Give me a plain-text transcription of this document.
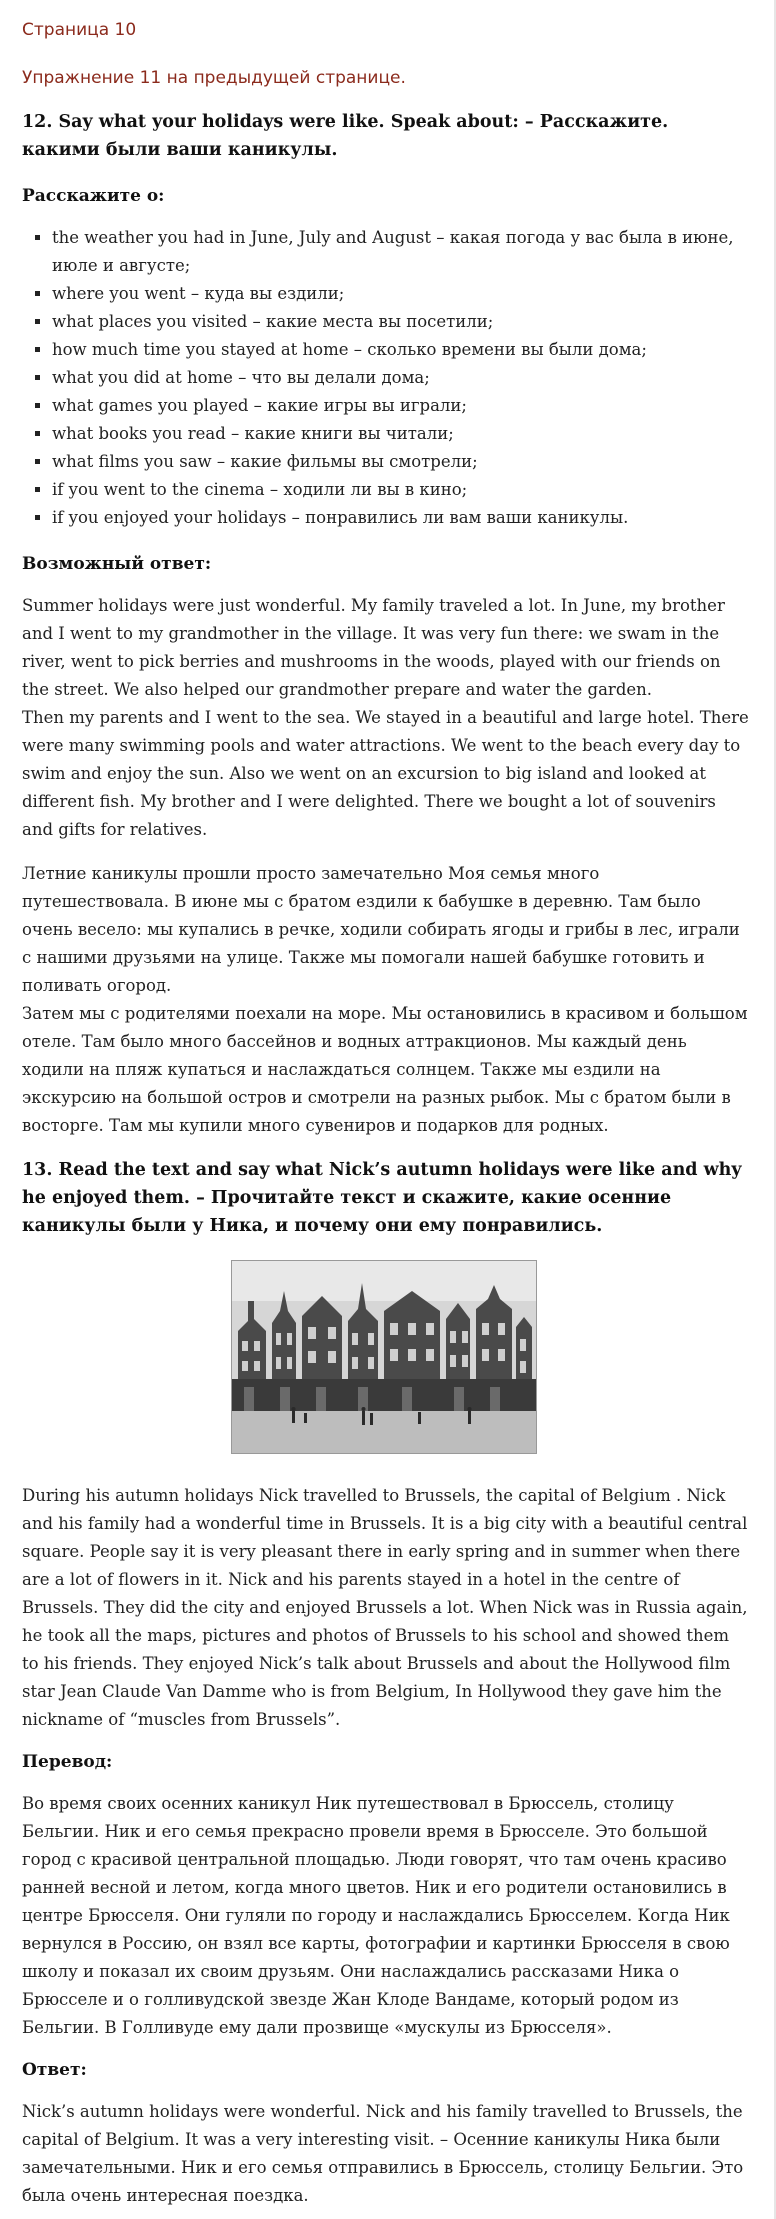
Страница 10
Упражнение 11 на предыдущей странице.
12. Say what your holidays were like. Speak about: – Расскажите. какими были ваши каникулы.
Расскажите о:
▪ the weather you had in June, July and August – какая погода у вас была в июне, июле и августе;
▪ where you went – куда вы ездили;
▪ what places you visited – какие места вы посетили;
▪ how much time you stayed at home – сколько времени вы были дома;
▪ what you did at home – что вы делали дома;
▪ what games you played – какие игры вы играли;
▪ what books you read – какие книги вы читали;
▪ what films you saw – какие фильмы вы смотрели;
▪ if you went to the cinema – ходили ли вы в кино;
▪ if you enjoyed your holidays – понравились ли вам ваши каникулы.
Возможный ответ:

Summer holidays were just wonderful. My family traveled a lot. In June, my brother and I went to my grandmother in the village. It was very fun there: we swam in the river, went to pick berries and mushrooms in the woods, played with our friends on the street. We also helped our grandmother prepare and water the garden.

Then my parents and I went to the sea. We stayed in a beautiful and large hotel. There were many swimming pools and water attractions. We went to the beach every day to swim and enjoy the sun. Also we went on an excursion to big island and looked at different fish. My brother and I were delighted. There we bought a lot of souvenirs and gifts for relatives.

Летние каникулы прошли просто замечательно Моя семья много путешествовала. В июне мы с братом ездили к бабушке в деревню. Там было очень весело: мы купались в речке, ходили собирать ягоды и грибы в лес, играли с нашими друзьями на улице. Также мы помогали нашей бабушке готовить и поливать огород.

Затем мы с родителями поехали на море. Мы остановились в красивом и большом отеле. Там было много бассейнов и водных аттракционов. Мы каждый день ходили на пляж купаться и наслаждаться солнцем. Также мы ездили на экскурсию на большой остров и смотрели на разных рыбок. Мы с братом были в восторге. Там мы купили много сувениров и подарков для родных.

13. Read the text and say what Nick’s autumn holidays were like and why he enjoyed them. – Прочитайте текст и скажите, какие осенние каникулы были у Ника, и почему они ему понравились.

During his autumn holidays Nick travelled to Brussels, the capital of Belgium . Nick and his family had a wonderful time in Brussels. It is a big city with a beautiful central square. People say it is very pleasant there in early spring and in summer when there are a lot of flowers in it. Nick and his parents stayed in a hotel in the centre of Brussels. They did the city and enjoyed Brussels a lot. When Nick was in Russia again, he took all the maps, pictures and photos of Brussels to his school and showed them to his friends. They enjoyed Nick’s talk about Brussels and about the Hollywood film star Jean Claude Van Damme who is from Belgium, In Hollywood they gave him the nickname of “muscles from Brussels”.

Перевод:

Во время своих осенних каникул Ник путешествовал в Брюссель, столицу Бельгии. Ник и его семья прекрасно провели время в Брюсселе. Это большой город с красивой центральной площадью. Люди говорят, что там очень красиво ранней весной и летом, когда много цветов. Ник и его родители остановились в центре Брюсселя. Они гуляли по городу и наслаждались Брюсселем. Когда Ник вернулся в Россию, он взял все карты, фотографии и картинки Брюсселя в свою школу и показал их своим друзьям. Они наслаждались рассказами Ника о Брюсселе и о голливудской звезде Жан Клоде Вандаме, который родом из Бельгии. В Голливуде ему дали прозвище «мускулы из Брюсселя».

Ответ:

Nick’s autumn holidays were wonderful. Nick and his family travelled to Brussels, the capital of Belgium. It was a very interesting visit. – Осенние каникулы Ника были замечательными. Ник и его семья отправились в Брюссель, столицу Бельгии. Это была очень интересная поездка.
